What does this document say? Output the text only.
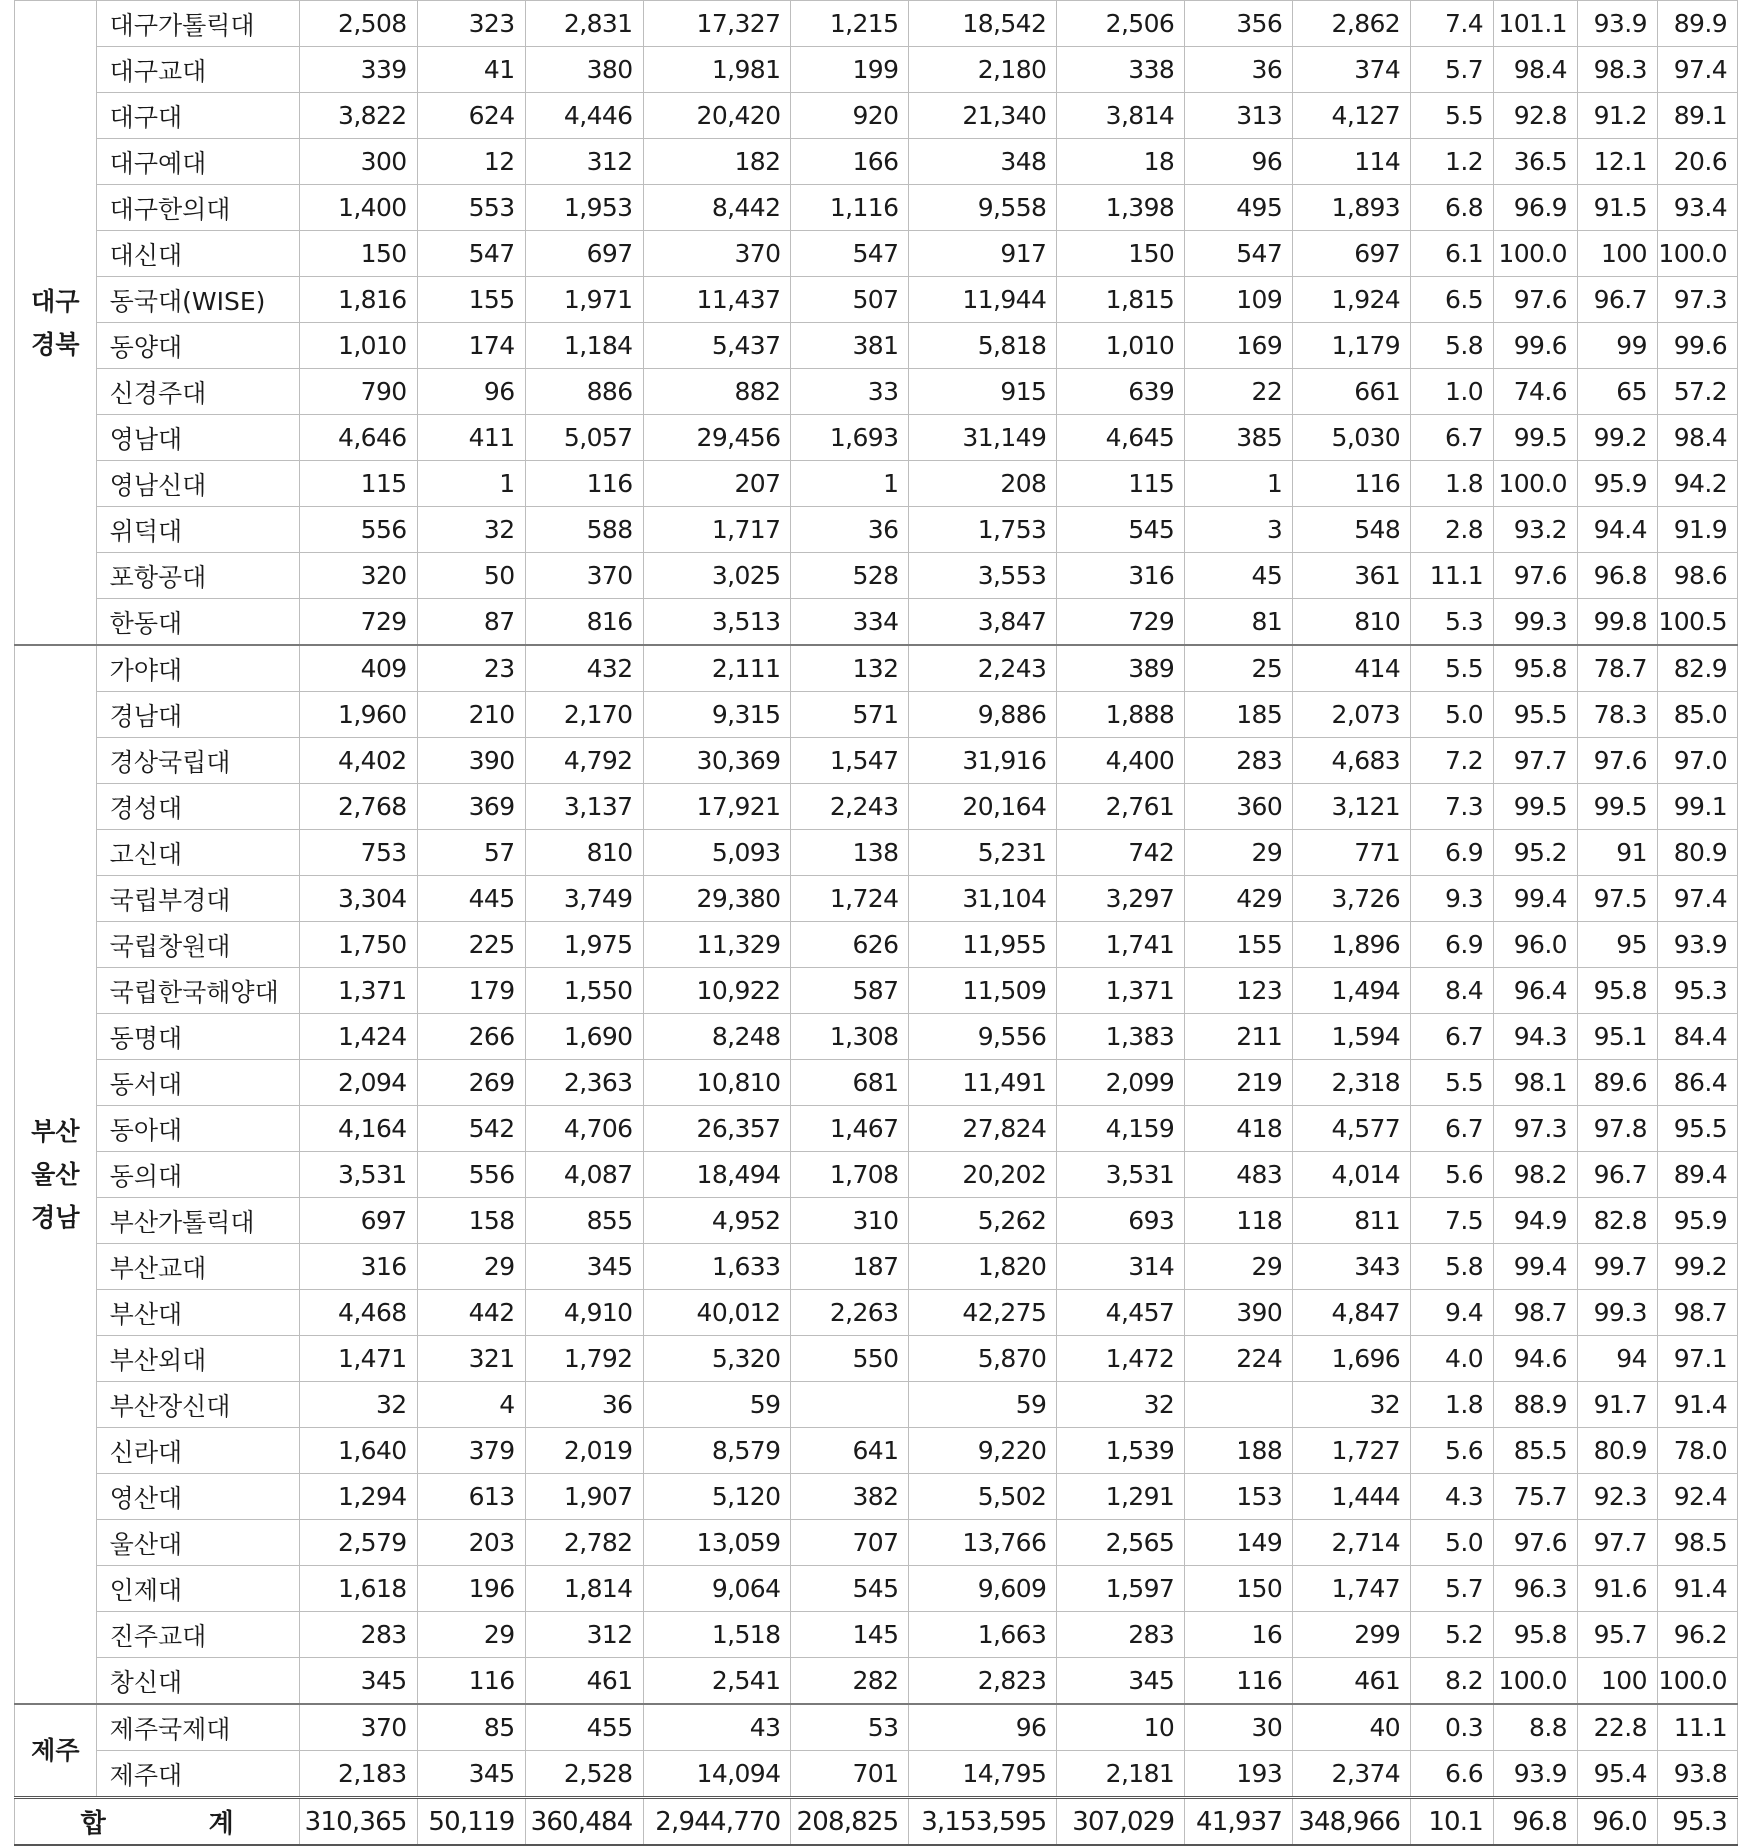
대구
경북	대구가톨릭대	2,508	323	2,831	17,327	1,215	18,542	2,506	356	2,862	7.4	101.1	93.9	89.9
	대구교대	339	41	380	1,981	199	2,180	338	36	374	5.7	98.4	98.3	97.4
	대구대	3,822	624	4,446	20,420	920	21,340	3,814	313	4,127	5.5	92.8	91.2	89.1
	대구예대	300	12	312	182	166	348	18	96	114	1.2	36.5	12.1	20.6
	대구한의대	1,400	553	1,953	8,442	1,116	9,558	1,398	495	1,893	6.8	96.9	91.5	93.4
	대신대	150	547	697	370	547	917	150	547	697	6.1	100.0	100	100.0
	동국대(WISE)	1,816	155	1,971	11,437	507	11,944	1,815	109	1,924	6.5	97.6	96.7	97.3
	동양대	1,010	174	1,184	5,437	381	5,818	1,010	169	1,179	5.8	99.6	99	99.6
	신경주대	790	96	886	882	33	915	639	22	661	1.0	74.6	65	57.2
	영남대	4,646	411	5,057	29,456	1,693	31,149	4,645	385	5,030	6.7	99.5	99.2	98.4
	영남신대	115	1	116	207	1	208	115	1	116	1.8	100.0	95.9	94.2
	위덕대	556	32	588	1,717	36	1,753	545	3	548	2.8	93.2	94.4	91.9
	포항공대	320	50	370	3,025	528	3,553	316	45	361	11.1	97.6	96.8	98.6
	한동대	729	87	816	3,513	334	3,847	729	81	810	5.3	99.3	99.8	100.5
부산
울산
경남	가야대	409	23	432	2,111	132	2,243	389	25	414	5.5	95.8	78.7	82.9
	경남대	1,960	210	2,170	9,315	571	9,886	1,888	185	2,073	5.0	95.5	78.3	85.0
	경상국립대	4,402	390	4,792	30,369	1,547	31,916	4,400	283	4,683	7.2	97.7	97.6	97.0
	경성대	2,768	369	3,137	17,921	2,243	20,164	2,761	360	3,121	7.3	99.5	99.5	99.1
	고신대	753	57	810	5,093	138	5,231	742	29	771	6.9	95.2	91	80.9
	국립부경대	3,304	445	3,749	29,380	1,724	31,104	3,297	429	3,726	9.3	99.4	97.5	97.4
	국립창원대	1,750	225	1,975	11,329	626	11,955	1,741	155	1,896	6.9	96.0	95	93.9
	국립한국해양대	1,371	179	1,550	10,922	587	11,509	1,371	123	1,494	8.4	96.4	95.8	95.3
	동명대	1,424	266	1,690	8,248	1,308	9,556	1,383	211	1,594	6.7	94.3	95.1	84.4
	동서대	2,094	269	2,363	10,810	681	11,491	2,099	219	2,318	5.5	98.1	89.6	86.4
	동아대	4,164	542	4,706	26,357	1,467	27,824	4,159	418	4,577	6.7	97.3	97.8	95.5
	동의대	3,531	556	4,087	18,494	1,708	20,202	3,531	483	4,014	5.6	98.2	96.7	89.4
	부산가톨릭대	697	158	855	4,952	310	5,262	693	118	811	7.5	94.9	82.8	95.9
	부산교대	316	29	345	1,633	187	1,820	314	29	343	5.8	99.4	99.7	99.2
	부산대	4,468	442	4,910	40,012	2,263	42,275	4,457	390	4,847	9.4	98.7	99.3	98.7
	부산외대	1,471	321	1,792	5,320	550	5,870	1,472	224	1,696	4.0	94.6	94	97.1
	부산장신대	32	4	36	59		59	32		32	1.8	88.9	91.7	91.4
	신라대	1,640	379	2,019	8,579	641	9,220	1,539	188	1,727	5.6	85.5	80.9	78.0
	영산대	1,294	613	1,907	5,120	382	5,502	1,291	153	1,444	4.3	75.7	92.3	92.4
	울산대	2,579	203	2,782	13,059	707	13,766	2,565	149	2,714	5.0	97.6	97.7	98.5
	인제대	1,618	196	1,814	9,064	545	9,609	1,597	150	1,747	5.7	96.3	91.6	91.4
	진주교대	283	29	312	1,518	145	1,663	283	16	299	5.2	95.8	95.7	96.2
	창신대	345	116	461	2,541	282	2,823	345	116	461	8.2	100.0	100	100.0
제주	제주국제대	370	85	455	43	53	96	10	30	40	0.3	8.8	22.8	11.1
	제주대	2,183	345	2,528	14,094	701	14,795	2,181	193	2,374	6.6	93.9	95.4	93.8
합 계		310,365	50,119	360,484	2,944,770	208,825	3,153,595	307,029	41,937	348,966	10.1	96.8	96.0	95.3
